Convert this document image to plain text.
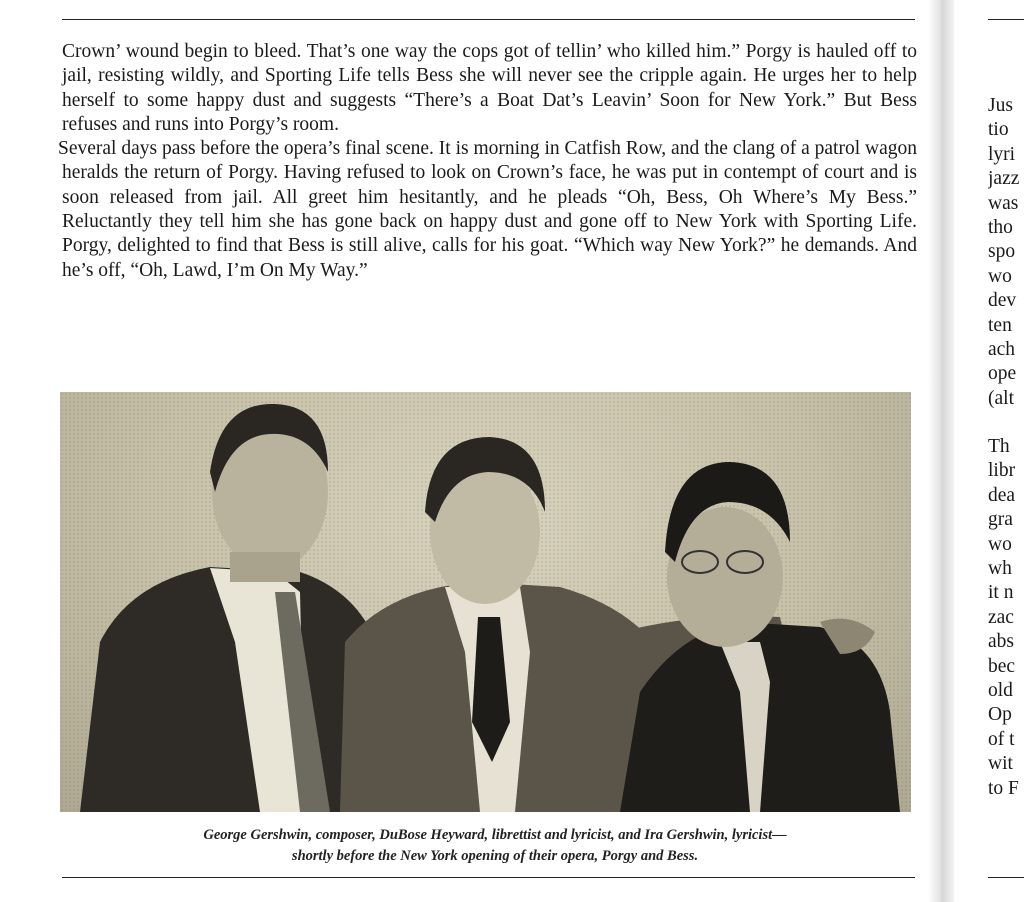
Crown’ wound begin to bleed. That’s one way the cops got of tellin’ who killed him.” Porgy is hauled off to jail, resisting wildly, and Sporting Life tells Bess she will never see the cripple again. He urges her to help herself to some happy dust and suggests “There’s a Boat Dat’s Leavin’ Soon for New York.” But Bess refuses and runs into Porgy’s room.

Several days pass before the opera’s final scene. It is morning in Catfish Row, and the clang of a patrol wagon heralds the return of Porgy. Having refused to look on Crown’s face, he was put in contempt of court and is soon released from jail. All greet him hesitantly, and he pleads “Oh, Bess, Oh Where’s My Bess.” Reluctantly they tell him she has gone back on happy dust and gone off to New York with Sporting Life. Porgy, delighted to find that Bess is still alive, calls for his goat. “Which way New York?” he demands. And he’s off, “Oh, Lawd, I’m On My Way.”

George Gershwin, composer, DuBose Heyward, librettist and lyricist, and Ira Gershwin, lyricist—
shortly before the New York opening of their opera, Porgy and Bess.
Jus
tio
lyri
jazz
was
tho
spo
wo
dev
ten
ach
ope
(alt
Th
libr
dea
gra
wo
wh
it n
zac
abs
bec
old
Op
of t
wit
to F
